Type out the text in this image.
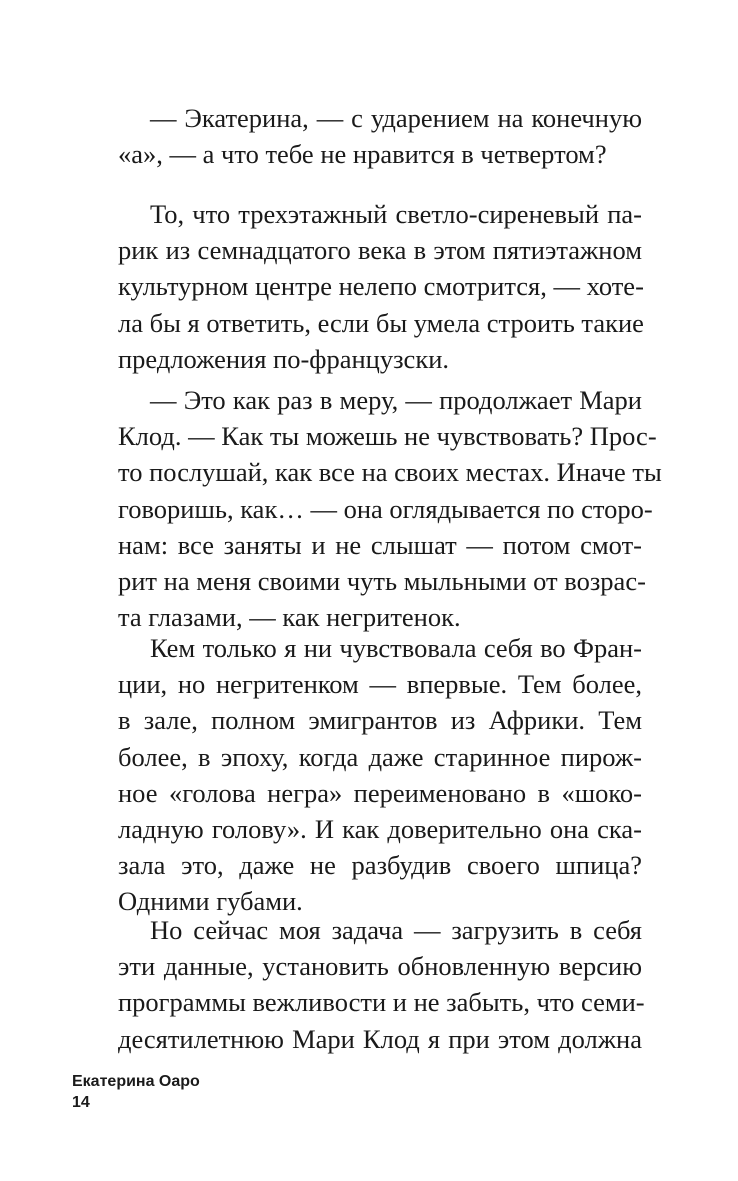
— Экатерина, — с ударением на конечную
«а», — а что тебе не нравится в четвертом?
То, что трехэтажный светло-сиреневый па-
рик из семнадцатого века в этом пятиэтажном
культурном центре нелепо смотрится, — хоте-
ла бы я ответить, если бы умела строить такие
предложения по-французски.
— Это как раз в меру, — продолжает Мари
Клод. — Как ты можешь не чувствовать? Прос-
то послушай, как все на своих местах. Иначе ты
говоришь, как… — она оглядывается по сторо-
нам: все заняты и не слышат — потом смот-
рит на меня своими чуть мыльными от возрас-
та глазами, — как негритенок.
Кем только я ни чувствовала себя во Фран-
ции, но негритенком — впервые. Тем более,
в зале, полном эмигрантов из Африки. Тем
более, в эпоху, когда даже старинное пирож-
ное «голова негра» переименовано в «шоко-
ладную голову». И как доверительно она ска-
зала это, даже не разбудив своего шпица?
Одними губами.
Но сейчас моя задача — загрузить в себя
эти данные, установить обновленную версию
программы вежливости и не забыть, что семи-
десятилетнюю Мари Клод я при этом должна
Екатерина Оаро
14
